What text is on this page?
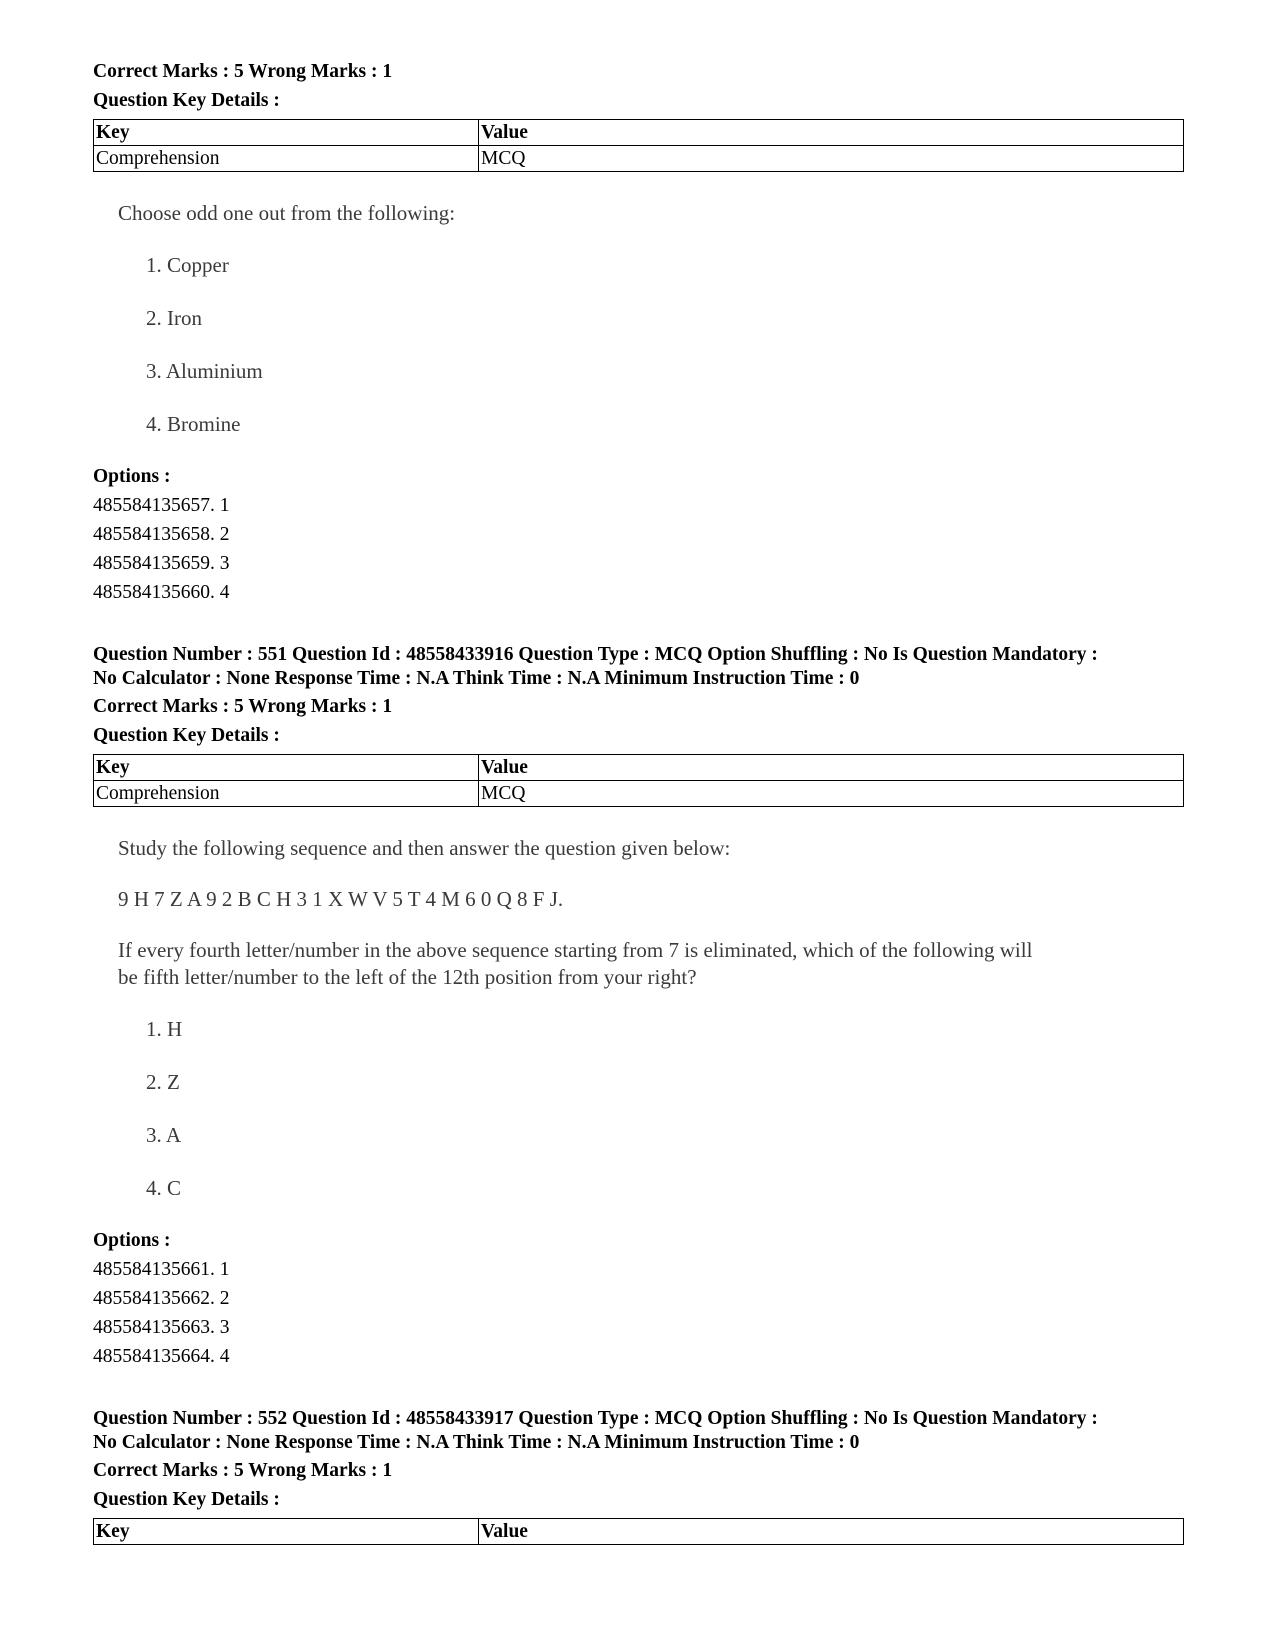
Correct Marks : 5 Wrong Marks : 1
Question Key Details :
Key	Value
Comprehension	MCQ
Choose odd one out from the following:
1. Copper
2. Iron
3. Aluminium
4. Bromine
Options :
485584135657. 1
485584135658. 2
485584135659. 3
485584135660. 4
Question Number : 551 Question Id : 48558433916 Question Type : MCQ Option Shuffling : No Is Question Mandatory :
No Calculator : None Response Time : N.A Think Time : N.A Minimum Instruction Time : 0
Correct Marks : 5 Wrong Marks : 1
Question Key Details :
Key	Value
Comprehension	MCQ
Study the following sequence and then answer the question given below:
9 H 7 Z A 9 2 B C H 3 1 X W V 5 T 4 M 6 0 Q 8 F J.
If every fourth letter/number in the above sequence starting from 7 is eliminated, which of the following will
be fifth letter/number to the left of the 12th position from your right?
1. H
2. Z
3. A
4. C
Options :
485584135661. 1
485584135662. 2
485584135663. 3
485584135664. 4
Question Number : 552 Question Id : 48558433917 Question Type : MCQ Option Shuffling : No Is Question Mandatory :
No Calculator : None Response Time : N.A Think Time : N.A Minimum Instruction Time : 0
Correct Marks : 5 Wrong Marks : 1
Question Key Details :
Key	Value
